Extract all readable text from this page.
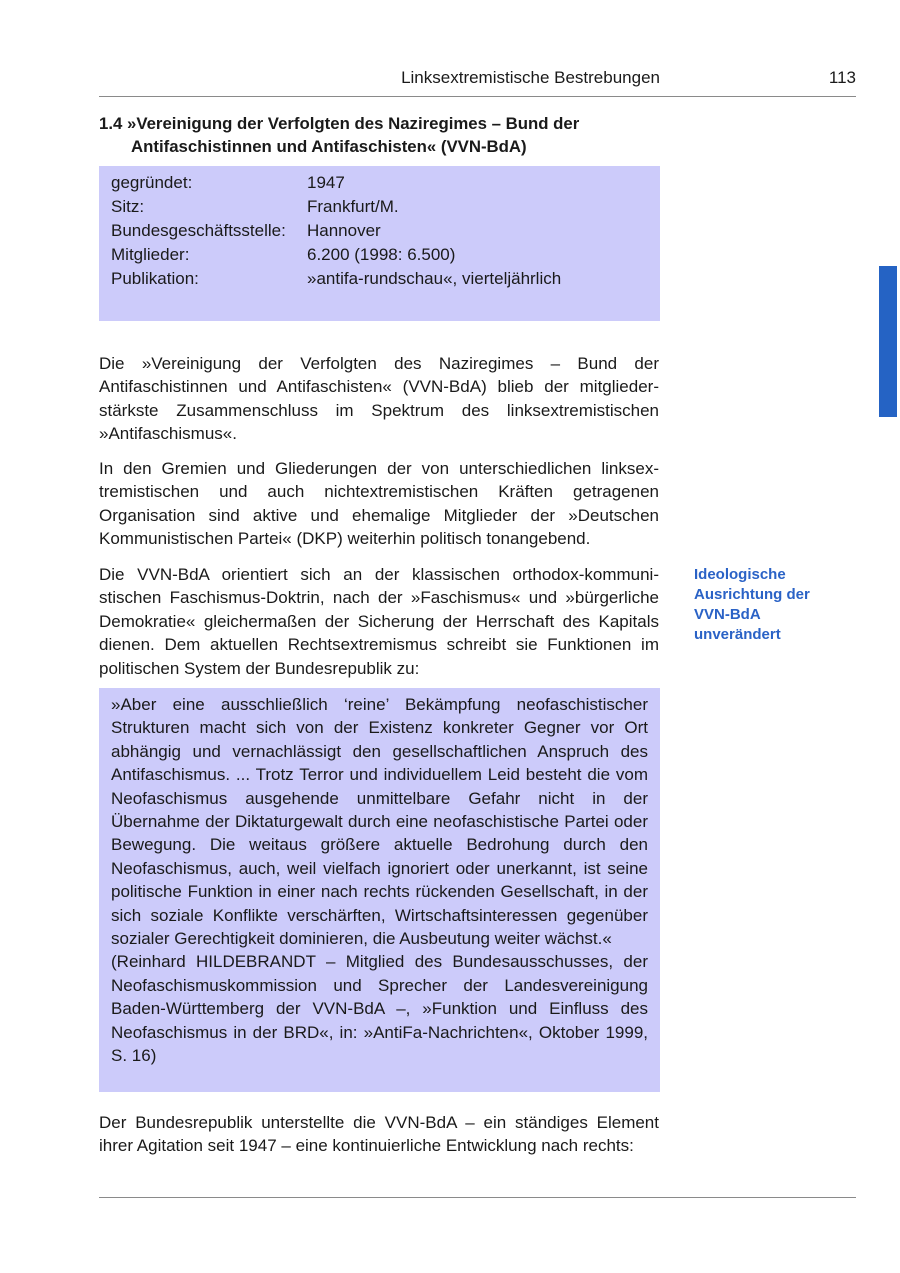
Linksextremistische Bestrebungen	113
1.4 »Vereinigung der Verfolgten des Naziregimes – Bund der
Antifaschistinnen und Antifaschisten« (VVN-BdA)
gegründet:	1947
Sitz:	Frankfurt/M.
Bundesgeschäftsstelle:	Hannover
Mitglieder:	6.200 (1998: 6.500)
Publikation:	»antifa-rundschau«, vierteljährlich

Die »Vereinigung der Verfolgten des Naziregimes – Bund der Antifaschistinnen und Antifaschisten« (VVN-BdA) blieb der mitgliederstärkste Zusammenschluss im Spektrum des linksextremistischen »Antifaschismus«.

In den Gremien und Gliederungen der von unterschiedlichen linksextremistischen und auch nichtextremistischen Kräften getragenen Organisation sind aktive und ehemalige Mitglieder der »Deutschen Kommunistischen Partei« (DKP) weiterhin politisch tonangebend.

Die VVN-BdA orientiert sich an der klassischen orthodox-kommunistischen Faschismus-Doktrin, nach der »Faschismus« und »bürgerliche Demokratie« gleichermaßen der Sicherung der Herrschaft des Kapitals dienen. Dem aktuellen Rechtsextremismus schreibt sie Funktionen im politischen System der Bundesrepublik zu:

»Aber eine ausschließlich ‘reine’ Bekämpfung neofaschistischer Strukturen macht sich von der Existenz konkreter Gegner vor Ort abhängig und vernachlässigt den gesellschaftlichen Anspruch des Antifaschismus. ... Trotz Terror und individuellem Leid besteht die vom Neofaschismus ausgehende unmittelbare Gefahr nicht in der Übernahme der Diktaturgewalt durch eine neofaschistische Partei oder Bewegung. Die weitaus größere aktuelle Bedrohung durch den Neofaschismus, auch, weil vielfach ignoriert oder unerkannt, ist seine politische Funktion in einer nach rechts rückenden Gesellschaft, in der sich soziale Konflikte verschärften, Wirtschaftsinteressen gegenüber sozialer Gerechtigkeit dominieren, die Ausbeutung weiter wächst.«

(Reinhard HILDEBRANDT – Mitglied des Bundesausschusses, der Neofaschismuskommission und Sprecher der Landesvereinigung Baden-Württemberg der VVN-BdA –, »Funktion und Einfluss des Neofaschismus in der BRD«, in: »AntiFa-Nachrichten«, Oktober 1999, S. 16)

Der Bundesrepublik unterstellte die VVN-BdA – ein ständiges Element ihrer Agitation seit 1947 – eine kontinuierliche Entwicklung nach rechts:

Ideologische Ausrichtung der VVN-BdA unverändert
